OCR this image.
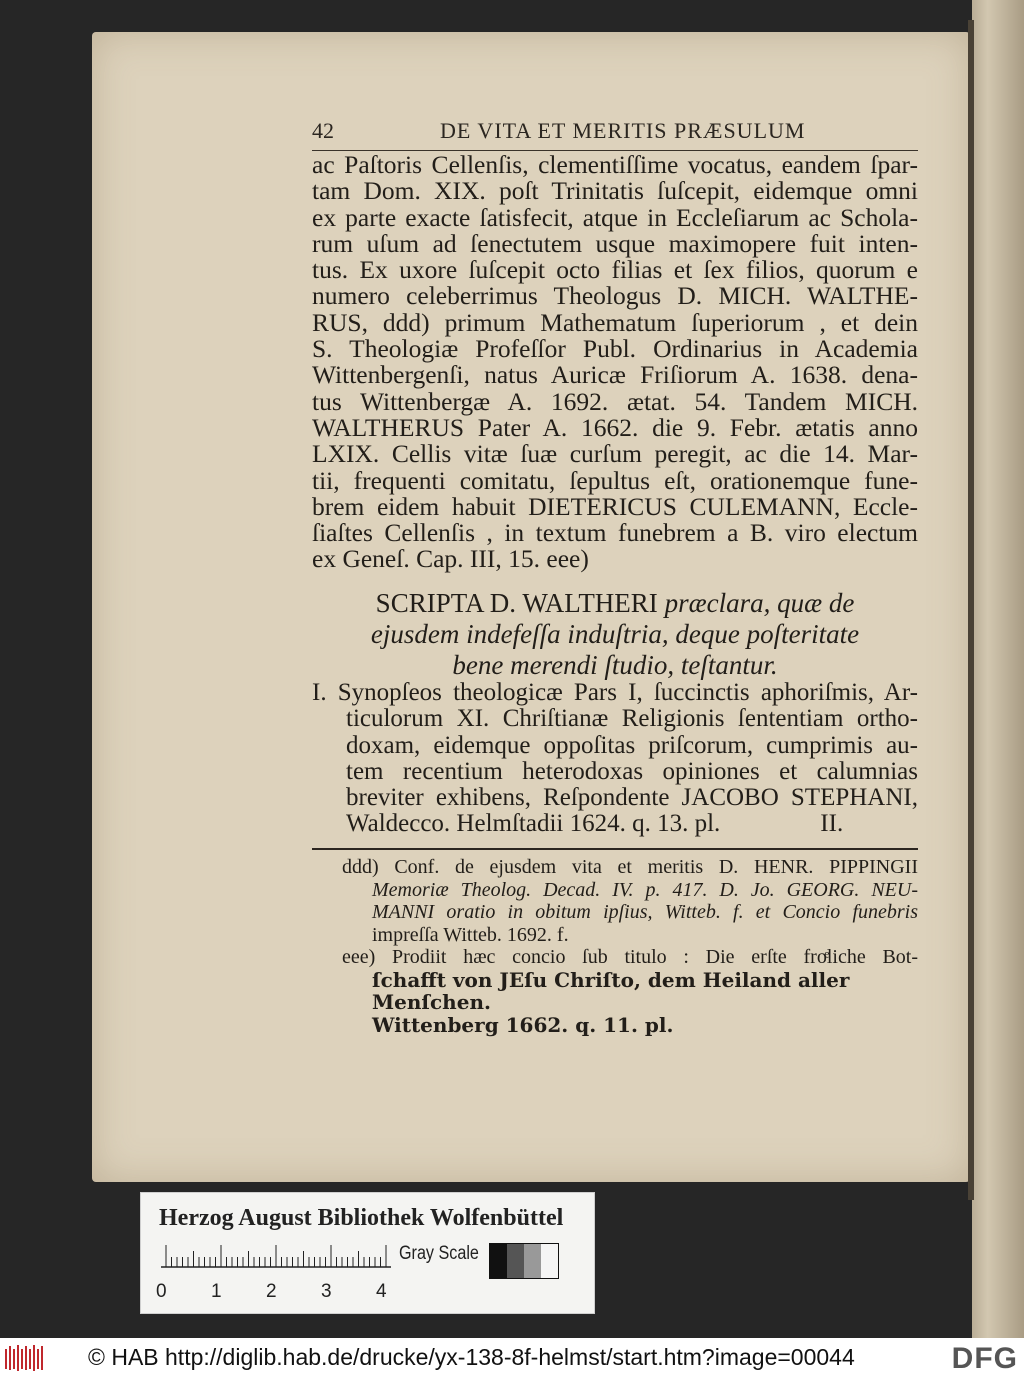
42	DE VITA ET MERITIS PRÆSULUM
ac Paſtoris Cellenſis, clementiſſime vocatus, eandem ſpar-
tam Dom. XIX. poſt Trinitatis ſuſcepit, eidemque omni
ex parte exacte ſatisfecit, atque in Eccleſiarum ac Schola-
rum uſum ad ſenectutem usque maximopere fuit inten-
tus. Ex uxore ſuſcepit octo filias et ſex filios, quorum e
numero celeberrimus Theologus D. MICH. WALTHE-
RUS, ddd) primum Mathematum ſuperiorum , et dein
S. Theologiæ Profeſſor Publ. Ordinarius in Academia
Wittenbergenſi, natus Auricæ Friſiorum A. 1638. dena-
tus Wittenbergæ A. 1692. ætat. 54. Tandem MICH.
WALTHERUS Pater A. 1662. die 9. Febr. ætatis anno
LXIX. Cellis vitæ ſuæ curſum peregit, ac die 14. Mar-
tii, frequenti comitatu, ſepultus eſt, orationemque fune-
brem eidem habuit DIETERICUS CULEMANN, Eccle-
ſiaſtes Cellenſis , in textum funebrem a B. viro electum
ex Geneſ. Cap. III, 15. eee)
SCRIPTA D. WALTHERI præclara, quæ de
ejusdem indefeſſa induſtria, deque poſteritate
bene merendi ſtudio, teſtantur.
I. Synopſeos theologicæ Pars I, ſuccinctis aphoriſmis, Ar-
ticulorum XI. Chriſtianæ Religionis ſententiam ortho-
doxam, eidemque oppoſitas priſcorum, cumprimis au-
tem recentium heterodoxas opiniones et calumnias
breviter exhibens, Reſpondente JACOBO STEPHANI,
Waldecco. Helmſtadii 1624. q. 13. pl.                II.
ddd) Conf. de ejusdem vita et meritis D. HENR. PIPPINGII
Memoriæ Theolog. Decad. IV. p. 417. D. Jo. GEORG. NEU-
MANNI oratio in obitum ipſius, Witteb. f. et Concio funebris
impreſſa Witteb. 1692. f.
eee) Prodiit hæc concio ſub titulo : Die erſte froͤliche Bot-
ſchafft von JEſu Chriſto, dem Heiland aller Menſchen.
Wittenberg 1662. q. 11. pl.
Herzog August Bibliothek Wolfenbüttel
0 1 2 3 4
Gray Scale
© HAB http://diglib.hab.de/drucke/yx-138-8f-helmst/start.htm?image=00044	DFG
